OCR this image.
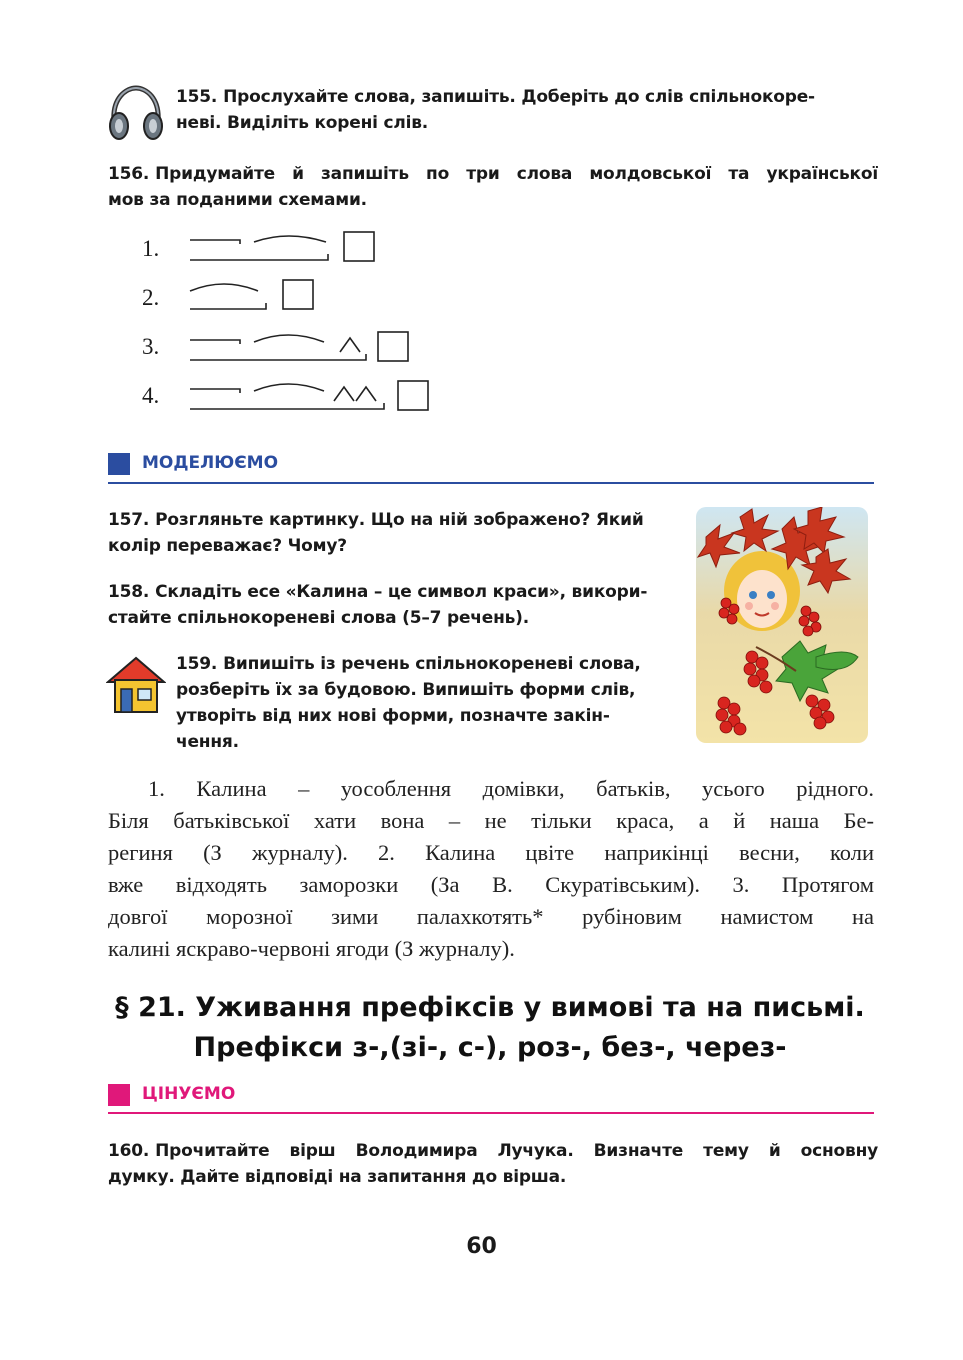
155. Прослухайте слова, запишіть. Доберіть до слів спільнокоре-
неві. Виділіть корені слів.
156. Придумайте й запишіть по три слова молдовської та української
мов за поданими схемами.
1.
2.
3.
4.
МОДЕЛЮЄМО
157. Розгляньте картинку. Що на ній зображено? Який
колір переважає? Чому?
158. Складіть есе «Калина – це символ краси», викори-
стайте спільнокореневі слова (5–7 речень).
159. Випишіть із речень спільнокореневі слова,
розберіть їх за будовою. Випишіть форми слів,
утворіть від них нові форми, позначте закін-
чення.
1. Калина – уособлення домівки, батьків, усього рідного.
Біля батьківської хати вона – не тільки краса, а й наша Бе-
региня (З журналу). 2. Калина цвіте наприкінці весни, коли
вже відходять заморозки (За В. Скуратівським). 3. Протягом
довгої морозної зими палахкотять* рубіновим намистом на
калині яскраво-червоні ягоди (З журналу).
§ 21. Уживання префіксів у вимові та на письмі.
Префікси з-,(зі-, с-), роз-, без-, через-
ЦІНУЄМО
160. Прочитайте вірш Володимира Лучука. Визначте тему й основну
думку. Дайте відповіді на запитання до вірша.
60
